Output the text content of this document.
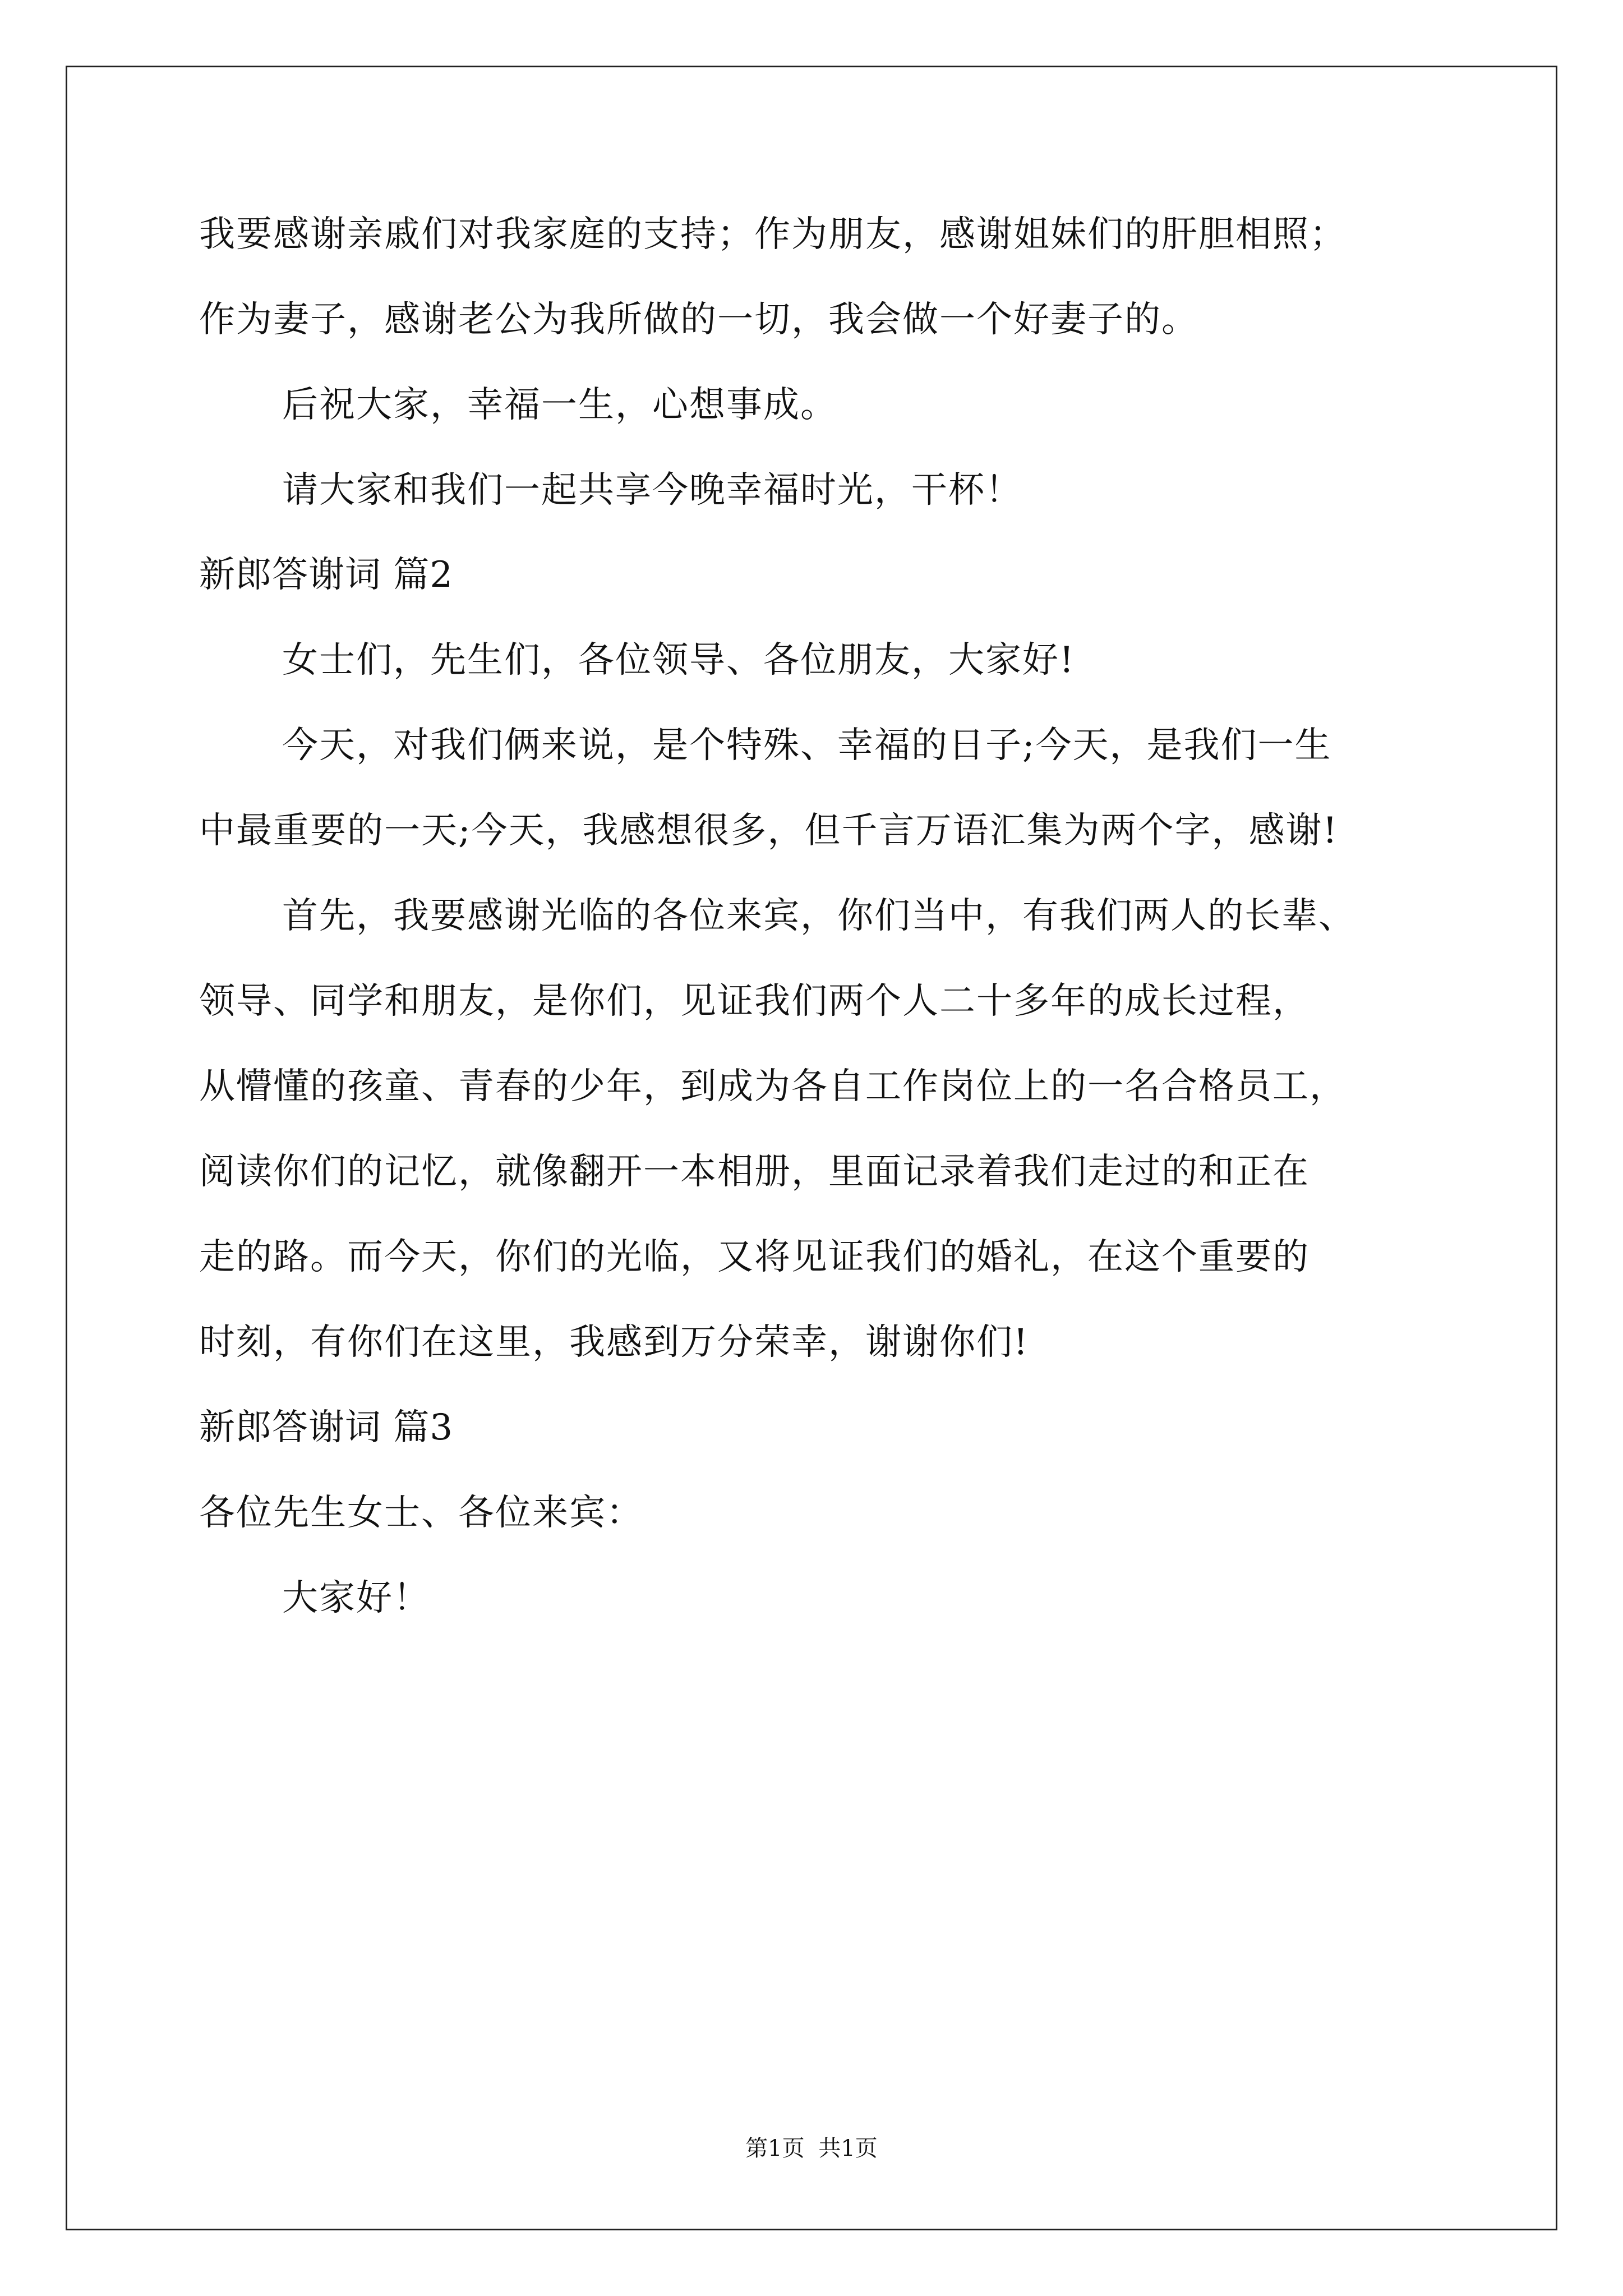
我要感谢亲戚们对我家庭的支持；作为朋友，感谢姐妹们的肝胆相照；
作为妻子，感谢老公为我所做的一切，我会做一个好妻子的。
后祝大家，幸福一生，心想事成。
请大家和我们一起共享今晚幸福时光，干杯！
新郎答谢词 篇2
女士们，先生们，各位领导、各位朋友，大家好!
今天，对我们俩来说，是个特殊、幸福的日子;今天，是我们一生
中最重要的一天;今天，我感想很多，但千言万语汇集为两个字，感谢!
首先，我要感谢光临的各位来宾，你们当中，有我们两人的长辈、
领导、同学和朋友，是你们，见证我们两个人二十多年的成长过程，
从懵懂的孩童、青春的少年，到成为各自工作岗位上的一名合格员工，
阅读你们的记忆，就像翻开一本相册，里面记录着我们走过的和正在
走的路。而今天，你们的光临，又将见证我们的婚礼，在这个重要的
时刻，有你们在这里，我感到万分荣幸，谢谢你们!
新郎答谢词 篇3
各位先生女士、各位来宾：
大家好！
第1页 共1页
